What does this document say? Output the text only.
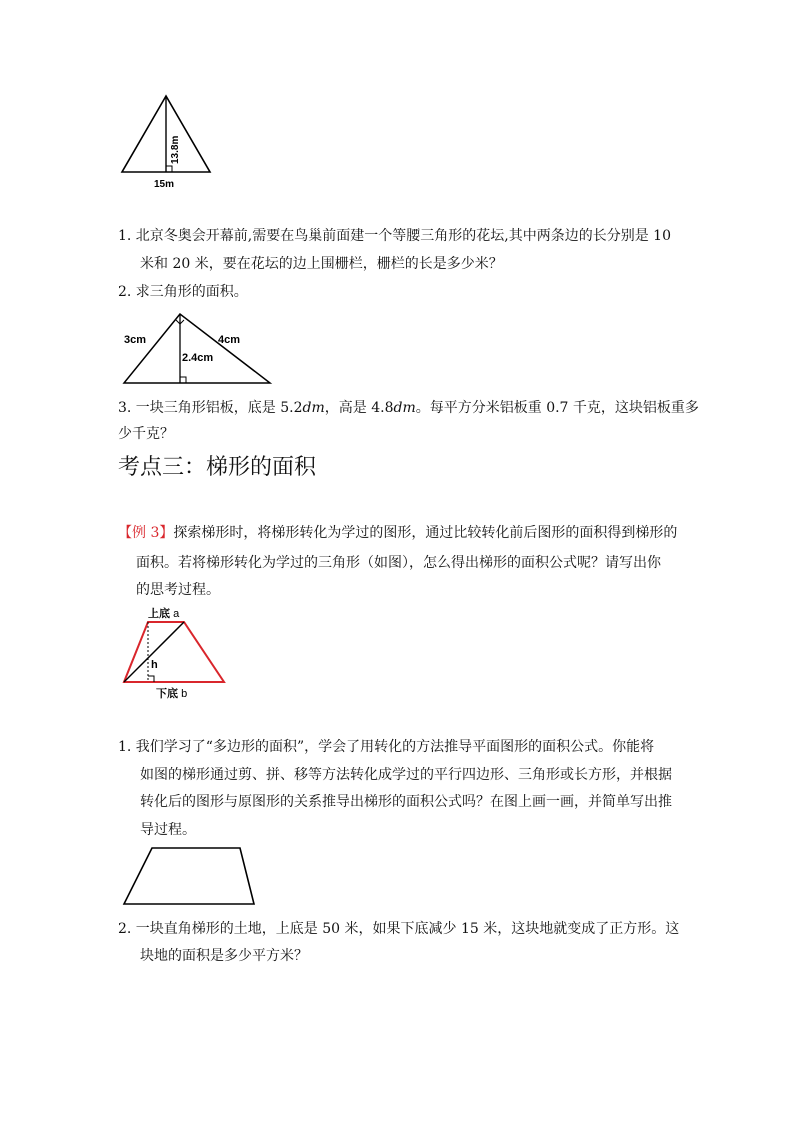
13.8m
15m
1. 北京冬奥会开幕前,需要在鸟巢前面建一个等腰三角形的花坛,其中两条边的长分别是 10
米和 20 米，要在花坛的边上围栅栏，栅栏的长是多少米？
2. 求三角形的面积。
3cm	4cm
2.4cm
3. 一块三角形铝板，底是 5.2dm，高是 4.8dm。每平方分米铝板重 0.7 千克，这块铝板重多
少千克？
考点三：梯形的面积
【例 3】探索梯形时，将梯形转化为学过的图形，通过比较转化前后图形的面积得到梯形的
面积。若将梯形转化为学过的三角形（如图），怎么得出梯形的面积公式呢？请写出你
的思考过程。
上底 a
h
下底 b
1. 我们学习了“多边形的面积”，学会了用转化的方法推导平面图形的面积公式。你能将
如图的梯形通过剪、拼、移等方法转化成学过的平行四边形、三角形或长方形，并根据
转化后的图形与原图形的关系推导出梯形的面积公式吗？在图上画一画，并简单写出推
导过程。
2. 一块直角梯形的土地，上底是 50 米，如果下底减少 15 米，这块地就变成了正方形。这
块地的面积是多少平方米？
